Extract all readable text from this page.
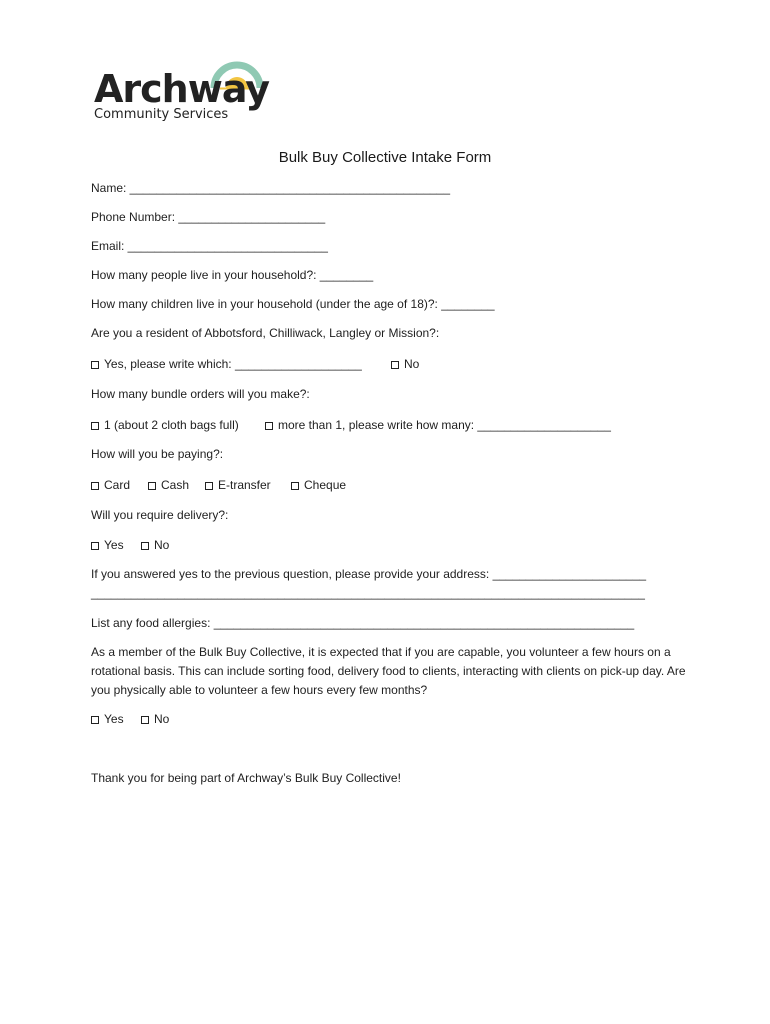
Archway
Community Services
Bulk Buy Collective Intake Form
Name: ________________________________________________
Phone Number: ______________________
Email: ______________________________
How many people live in your household?: ________
How many children live in your household (under the age of 18)?: ________
Are you a resident of Abbotsford, Chilliwack, Langley or Mission?:
Yes, please write which: ___________________	No
How many bundle orders will you make?:
1 (about 2 cloth bags full)	more than 1, please write how many: ____________________
How will you be paying?:
Card	Cash	E-transfer	Cheque
Will you require delivery?:
Yes	No
If you answered yes to the previous question, please provide your address: _______________________
___________________________________________________________________________________
List any food allergies: _______________________________________________________________
As a member of the Bulk Buy Collective, it is expected that if you are capable, you volunteer a few hours on a rotational basis. This can include sorting food, delivery food to clients, interacting with clients on pick-up day. Are you physically able to volunteer a few hours every few months?
Yes	No
Thank you for being part of Archway’s Bulk Buy Collective!
